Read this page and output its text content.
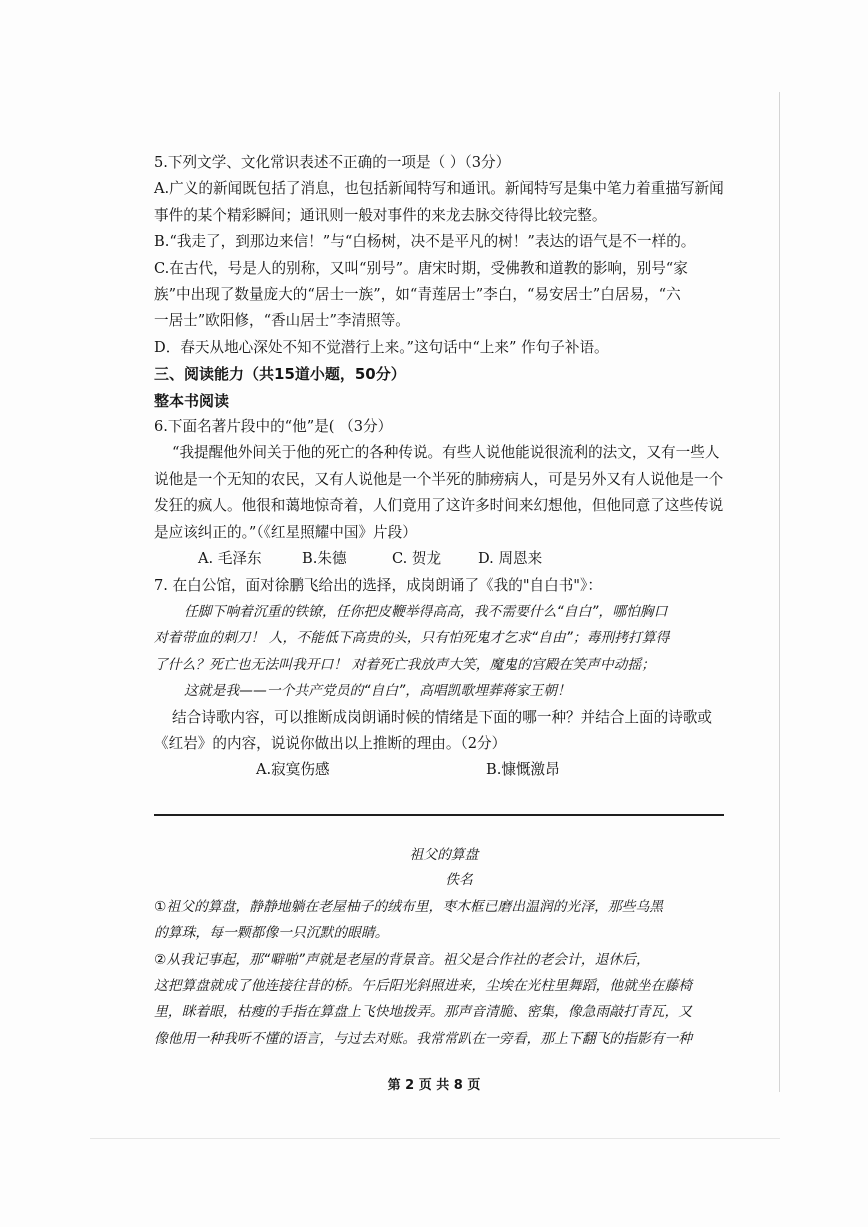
5.下列文学、文化常识表述不正确的一项是（ ）（3分）

A.广义的新闻既包括了消息，也包括新闻特写和通讯。新闻特写是集中笔力着重描写新闻

事件的某个精彩瞬间；通讯则一般对事件的来龙去脉交待得比较完整。

B.“我走了，到那边来信！”与“白杨树，决不是平凡的树！”表达的语气是不一样的。

C.在古代，号是人的别称，又叫“别号”。唐宋时期，受佛教和道教的影响，别号“家

族”中出现了数量庞大的“居士一族”，如“青莲居士”李白，“易安居士”白居易，“六

一居士”欧阳修，“香山居士”李清照等。

D．春天从地心深处不知不觉潜行上来。”这句话中“上来” 作句子补语。

三、阅读能力（共15道小题，50分）

整本书阅读

6.下面名著片段中的“他”是( （3分）

“我提醒他外间关于他的死亡的各种传说。有些人说他能说很流利的法文，又有一些人

说他是一个无知的农民，又有人说他是一个半死的肺痨病人，可是另外又有人说他是一个

发狂的疯人。他很和蔼地惊奇着，人们竟用了这许多时间来幻想他，但他同意了这些传说

是应该纠正的。”（《红星照耀中国》片段）

A. 毛泽东	B.朱德	C. 贺龙	D. 周恩来

7. 在白公馆，面对徐鹏飞给出的选择，成岗朗诵了《我的"自白书"》：

任脚下响着沉重的铁镣，任你把皮鞭举得高高，我不需要什么“自白”，哪怕胸口

对着带血的刺刀！ 人，不能低下高贵的头，只有怕死鬼才乞求“自由”；毒刑拷打算得

了什么？死亡也无法叫我开口！ 对着死亡我放声大笑，魔鬼的宫殿在笑声中动摇；

这就是我——一个共产党员的“自白”，高唱凯歌埋葬蒋家王朝！

结合诗歌内容，可以推断成岗朗诵时候的情绪是下面的哪一种？并结合上面的诗歌或

《红岩》的内容，说说你做出以上推断的理由。（2分）

A.寂寞伤感	B.慷慨激昂

祖父的算盘
佚名
①祖父的算盘，静静地躺在老屋柚子的绒布里，枣木框已磨出温润的光泽，那些乌黑
的算珠，每一颗都像一只沉默的眼睛。
②从我记事起，那“噼啪”声就是老屋的背景音。祖父是合作社的老会计，退休后，
这把算盘就成了他连接往昔的桥。午后阳光斜照进来，尘埃在光柱里舞蹈，他就坐在藤椅
里，眯着眼，枯瘦的手指在算盘上飞快地拨弄。那声音清脆、密集，像急雨敲打青瓦，又
像他用一种我听不懂的语言，与过去对账。我常常趴在一旁看，那上下翻飞的指影有一种
第 2 页 共 8 页
